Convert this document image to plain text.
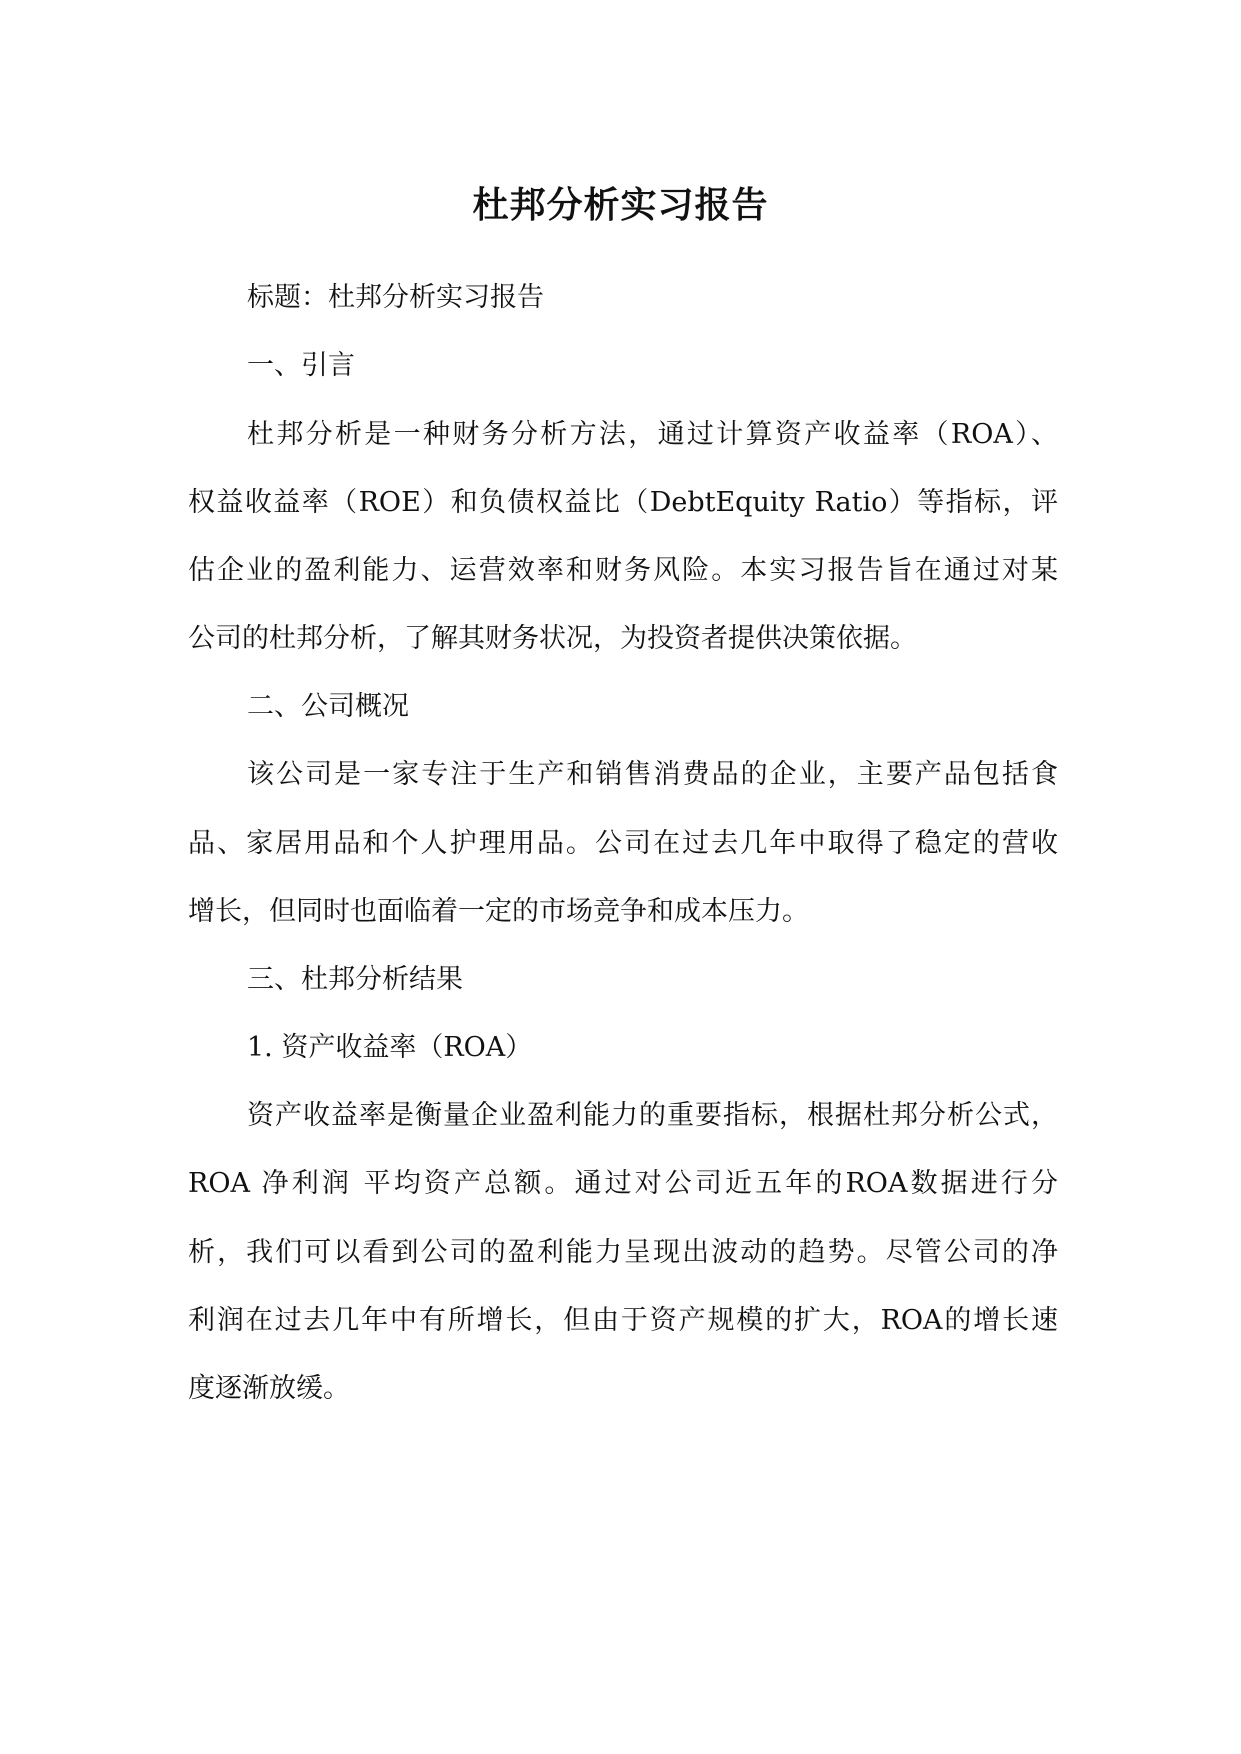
杜邦分析实习报告

标题：杜邦分析实习报告

一、引言

杜邦分析是一种财务分析方法，通过计算资产收益率（ROA）、

权益收益率（ROE）和负债权益比（DebtEquity Ratio）等指标，评

估企业的盈利能力、运营效率和财务风险。本实习报告旨在通过对某

公司的杜邦分析，了解其财务状况，为投资者提供决策依据。

二、公司概况

该公司是一家专注于生产和销售消费品的企业，主要产品包括食

品、家居用品和个人护理用品。公司在过去几年中取得了稳定的营收

增长，但同时也面临着一定的市场竞争和成本压力。

三、杜邦分析结果

1. 资产收益率（ROA）

资产收益率是衡量企业盈利能力的重要指标，根据杜邦分析公式，

ROA 净利润 平均资产总额。通过对公司近五年的ROA数据进行分

析，我们可以看到公司的盈利能力呈现出波动的趋势。尽管公司的净

利润在过去几年中有所增长，但由于资产规模的扩大，ROA的增长速

度逐渐放缓。
